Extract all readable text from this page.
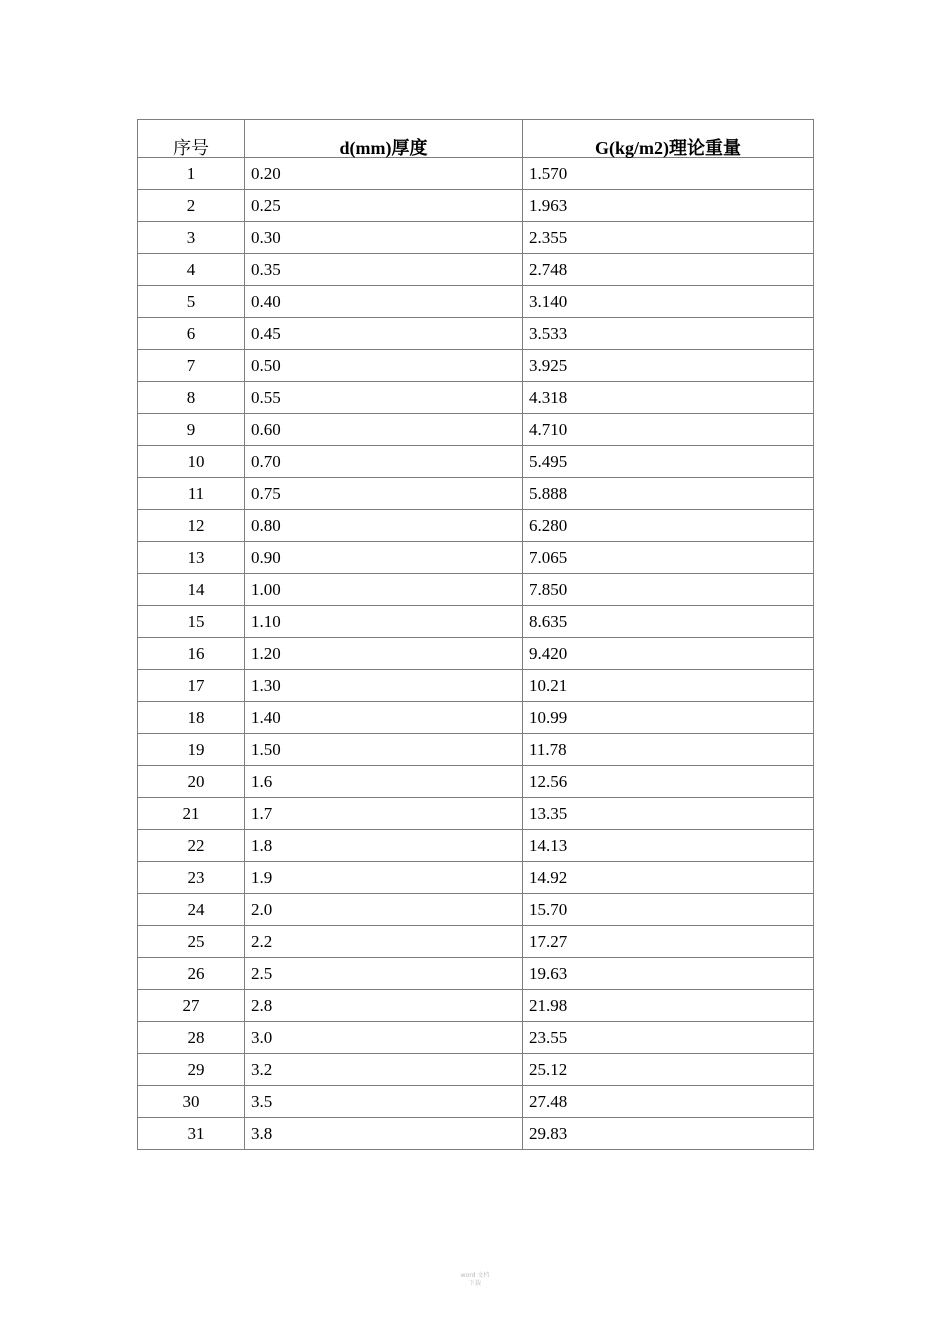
序号	d(mm)厚度	G(kg/m2)理论重量
1	0.20	1.570
2	0.25	1.963
3	0.30	2.355
4	0.35	2.748
5	0.40	3.140
6	0.45	3.533
7	0.50	3.925
8	0.55	4.318
9	0.60	4.710
10	0.70	5.495
11	0.75	5.888
12	0.80	6.280
13	0.90	7.065
14	1.00	7.850
15	1.10	8.635
16	1.20	9.420
17	1.30	10.21
18	1.40	10.99
19	1.50	11.78
20	1.6	12.56
21	1.7	13.35
22	1.8	14.13
23	1.9	14.92
24	2.0	15.70
25	2.2	17.27
26	2.5	19.63
27	2.8	21.98
28	3.0	23.55
29	3.2	25.12
30	3.5	27.48
31	3.8	29.83
word 文档
下载
